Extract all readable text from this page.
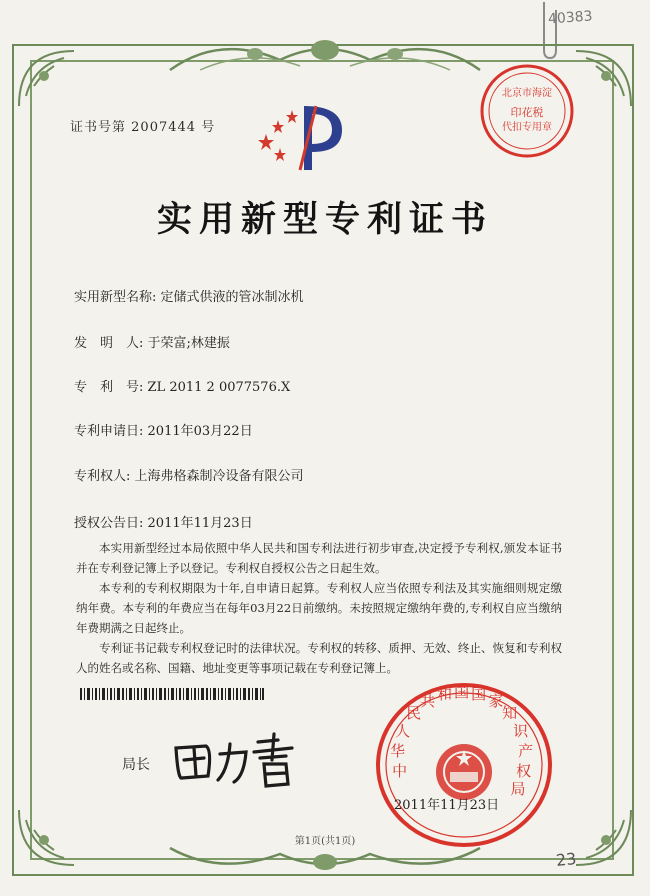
40383
证书号第 2007444 号
北京市海淀
印花税
代扣专用章
实用新型专利证书
实用新型名称: 定储式供液的管冰制冰机
发　明　人: 于荣富;林建振
专　利　号: ZL 2011 2 0077576.X
专利申请日: 2011年03月22日
专利权人: 上海弗格森制冷设备有限公司
授权公告日: 2011年11月23日

本实用新型经过本局依照中华人民共和国专利法进行初步审查,决定授予专利权,颁发本证书并在专利登记簿上予以登记。专利权自授权公告之日起生效。

本专利的专利权期限为十年,自申请日起算。专利权人应当依照专利法及其实施细则规定缴纳年费。本专利的年费应当在每年03月22日前缴纳。未按照规定缴纳年费的,专利权自应当缴纳年费期满之日起终止。

专利证书记载专利权登记时的法律状况。专利权的转移、质押、无效、终止、恢复和专利权人的姓名或名称、国籍、地址变更等事项记载在专利登记簿上。

局长	中 华 人 民 共 和 国 国 家 知 识 产 权 局
2011年11月23日
第1页(共1页)
23
